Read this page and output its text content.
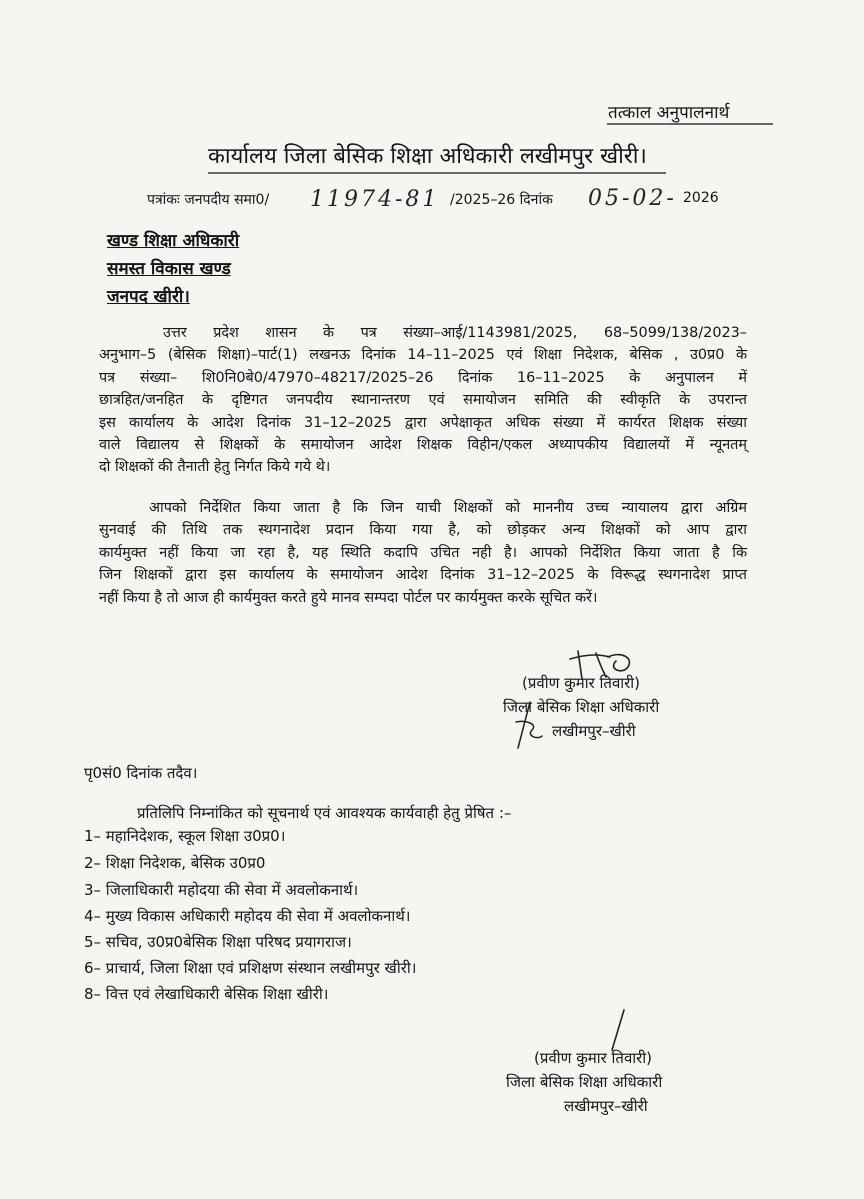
तत्काल अनुपालनार्थ
कार्यालय जिला बेसिक शिक्षा अधिकारी लखीमपुर खीरी।
पत्रांकः जनपदीय समा0/ 11974-81 /2025–26 दिनांक 05-02- 2026
खण्ड शिक्षा अधिकारी
समस्त विकास खण्ड
जनपद खीरी।
उत्तर प्रदेश शासन के पत्र संख्या–आई/1143981/2025, 68–5099/138/2023–
अनुभाग–5 (बेसिक शिक्षा)–पार्ट(1) लखनऊ दिनांक 14–11–2025 एवं शिक्षा निदेशक, बेसिक , उ0प्र0 के
पत्र संख्या– शि0नि0बे0/47970–48217/2025–26 दिनांक 16–11–2025 के अनुपालन में
छात्रहित/जनहित के दृष्टिगत जनपदीय स्थानान्तरण एवं समायोजन समिति की स्वीकृति के उपरान्त
इस कार्यालय के आदेश दिनांक 31–12–2025 द्वारा अपेक्षाकृत अधिक संख्या में कार्यरत शिक्षक संख्या
वाले विद्यालय से शिक्षकों के समायोजन आदेश शिक्षक विहीन/एकल अध्यापकीय विद्यालयों में न्यूनतम्
दो शिक्षकों की तैनाती हेतु निर्गत किये गये थे।
आपको निर्देशित किया जाता है कि जिन याची शिक्षकों को माननीय उच्च न्यायालय द्वारा अग्रिम
सुनवाई की तिथि तक स्थगनादेश प्रदान किया गया है, को छोड़कर अन्य शिक्षकों को आप द्वारा
कार्यमुक्त नहीं किया जा रहा है, यह स्थिति कदापि उचित नही है। आपको निर्देशित किया जाता है कि
जिन शिक्षकों द्वारा इस कार्यालय के समायोजन आदेश दिनांक 31–12–2025 के विरूद्ध स्थगनादेश प्राप्त
नहीं किया है तो आज ही कार्यमुक्त करते हुये मानव सम्पदा पोर्टल पर कार्यमुक्त करके सूचित करें।
(प्रवीण कुमार तिवारी)
जिला बेसिक शिक्षा अधिकारी
लखीमपुर–खीरी
पृ0सं0 दिनांक तदैव।
प्रतिलिपि निम्नांकित को सूचनार्थ एवं आवश्यक कार्यवाही हेतु प्रेषित :–
1– महानिदेशक, स्कूल शिक्षा उ0प्र0।
2– शिक्षा निदेशक, बेसिक उ0प्र0
3– जिलाधिकारी महोदया की सेवा में अवलोकनार्थ।
4– मुख्य विकास अधिकारी महोदय की सेवा में अवलोकनार्थ।
5– सचिव, उ0प्र0बेसिक शिक्षा परिषद प्रयागराज।
6– प्राचार्य, जिला शिक्षा एवं प्रशिक्षण संस्थान लखीमपुर खीरी।
8– वित्त एवं लेखाधिकारी बेसिक शिक्षा खीरी।
(प्रवीण कुमार तिवारी)
जिला बेसिक शिक्षा अधिकारी
लखीमपुर–खीरी
